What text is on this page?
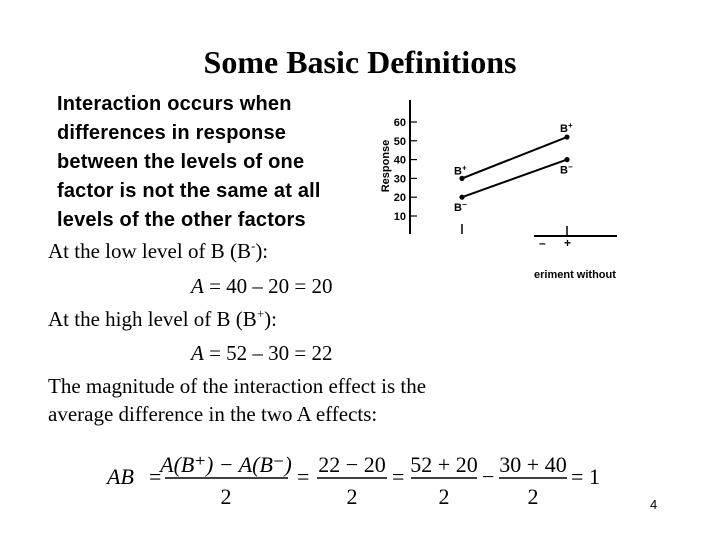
Some Basic Definitions
Interaction occurs when
differences in response
between the levels of one
factor is not the same at all
levels of the other factors
Response
10
20
30
40
50
60
B+
B+
B−
B−
– +
eriment without
At the low level of B (B-):
A = 40 – 20 = 20
At the high level of B (B+):
A = 52 – 30 = 22
The magnitude of the interaction effect is the
average difference in the two A effects:
AB =
A(B⁺) − A(B⁻)
2
= 22 − 20
2
= 52 + 20
2
− 30 + 40
2
= 1
4
